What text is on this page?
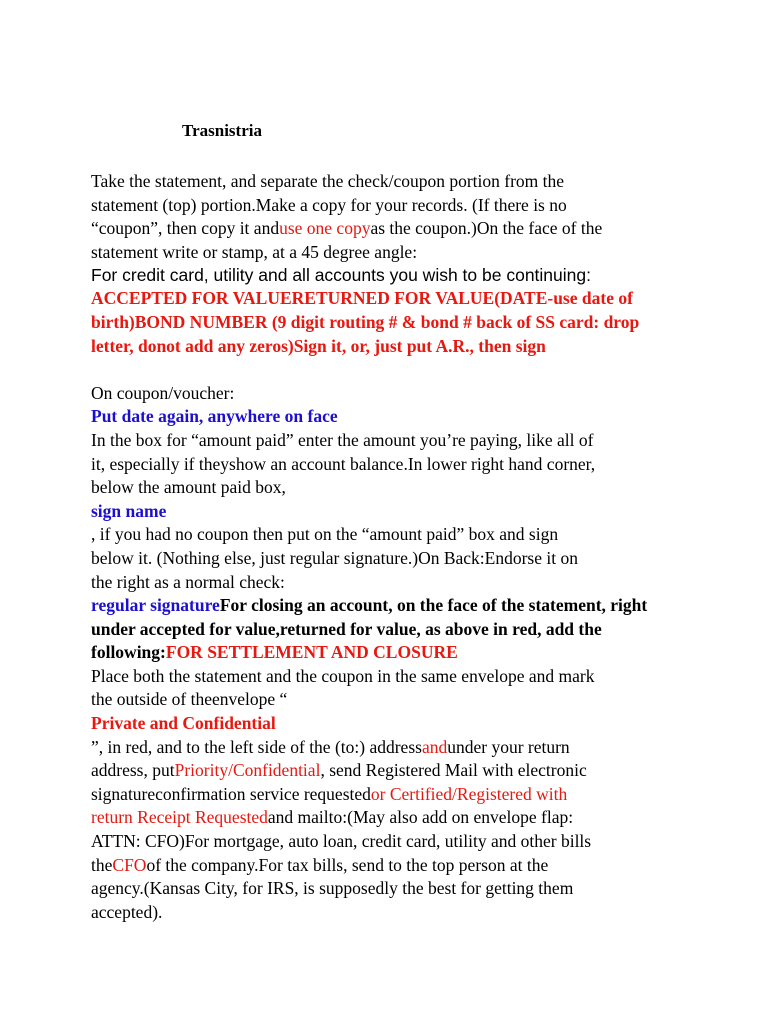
Trasnistria
Take the statement, and separate the check/coupon portion from the
statement (top) portion.Make a copy for your records. (If there is no
“coupon”, then copy it anduse one copyas the coupon.)On the face of the
statement write or stamp, at a 45 degree angle:
For credit card, utility and all accounts you wish to be continuing:
ACCEPTED FOR VALUERETURNED FOR VALUE(DATE-use date of
birth)BOND NUMBER (9 digit routing # & bond # back of SS card: drop
letter, donot add any zeros)Sign it, or, just put A.R., then sign
On coupon/voucher:
Put date again, anywhere on face
In the box for “amount paid” enter the amount you’re paying, like all of
it, especially if theyshow an account balance.In lower right hand corner,
below the amount paid box,
sign name
, if you had no coupon then put on the “amount paid” box and sign
below it. (Nothing else, just regular signature.)On Back:Endorse it on
the right as a normal check:
regular signatureFor closing an account, on the face of the statement, right
under accepted for value,returned for value, as above in red, add the
following:FOR SETTLEMENT AND CLOSURE
Place both the statement and the coupon in the same envelope and mark
the outside of theenvelope “
Private and Confidential
”, in red, and to the left side of the (to:) addressandunder your return
address, putPriority/Confidential, send Registered Mail with electronic
signatureconfirmation service requestedor Certified/Registered with
return Receipt Requestedand mailto:(May also add on envelope flap:
ATTN: CFO)For mortgage, auto loan, credit card, utility and other bills
theCFOof the company.For tax bills, send to the top person at the
agency.(Kansas City, for IRS, is supposedly the best for getting them
accepted).
